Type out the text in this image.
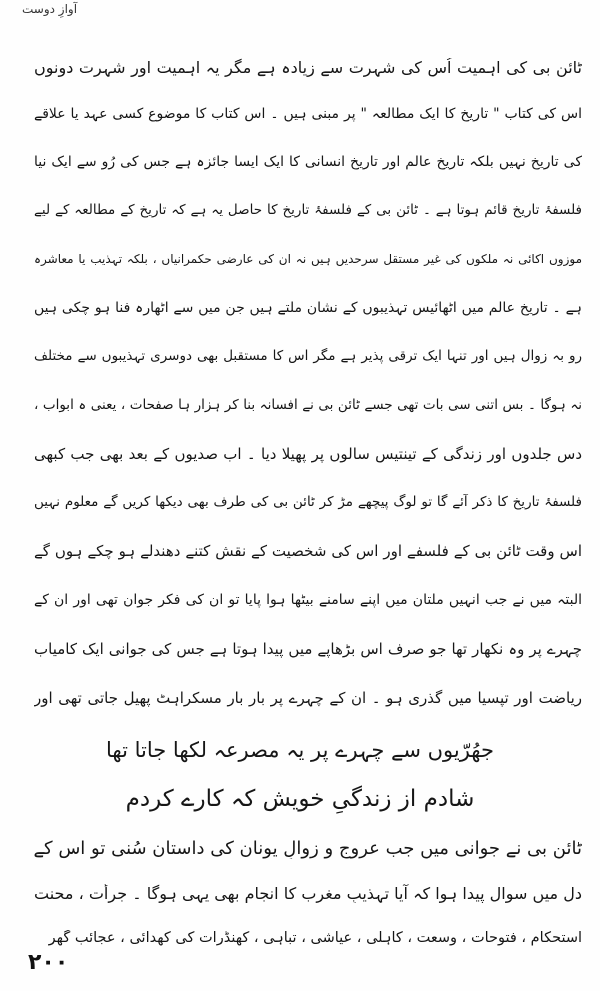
آوازِ دوست
ٹائن بی کی اہمیت اُس کی شہرت سے زیادہ ہے مگر یہ اہمیت اور شہرت دونوں
اس کی کتاب " تاریخ کا ایک مطالعہ " پر مبنی ہیں ۔ اس کتاب کا موضوع کسی عہد یا علاقے
کی تاریخ نہیں بلکہ تاریخِ عالم اور تاریخِ انسانی کا ایک ایسا جائزہ ہے جس کی رُو سے ایک نیا
فلسفۂ تاریخ قائم ہوتا ہے ۔ ٹائن بی کے فلسفۂ تاریخ کا حاصل یہ ہے کہ تاریخ کے مطالعہ کے لیے
موزوں اکائی نہ ملکوں کی غیر مستقل سرحدیں ہیں نہ ان کی عارضی حکمرانیاں ، بلکہ تہذیب یا معاشرہ
ہے ۔ تاریخِ عالم میں اٹھائیس تہذیبوں کے نشان ملتے ہیں جن میں سے اٹھارہ فنا ہو چکی ہیں
رو بہ زوال ہیں اور تنہا ایک ترقی پذیر ہے مگر اس کا مستقبل بھی دوسری تہذیبوں سے مختلف
نہ ہوگا ۔ بس اتنی سی بات تھی جسے ٹائن بی نے افسانہ بنا کر ہزار ہا صفحات ، یعنی ہ ابواب ،
دس جلدوں اور زندگی کے تینتیس سالوں پر پھیلا دیا ۔ اب صدیوں کے بعد بھی جب کبھی
فلسفۂ تاریخ کا ذکر آئے گا تو لوگ پیچھے مڑ کر ٹائن بی کی طرف بھی دیکھا کریں گے معلوم نہیں
اس وقت ٹائن بی کے فلسفے اور اس کی شخصیت کے نقش کتنے دھندلے ہو چکے ہوں گے
البتہ میں نے جب انہیں ملتان میں اپنے سامنے بیٹھا ہوا پایا تو ان کی فکر جوان تھی اور ان کے
چہرے پر وہ نکھار تھا جو صرف اس بڑھاپے میں پیدا ہوتا ہے جس کی جوانی ایک کامیاب
ریاضت اور تپسیا میں گذری ہو ۔ ان کے چہرے پر بار بار مسکراہٹ پھیل جاتی تھی اور
جھُرّیوں سے چہرے پر یہ مصرعہ لکھا جاتا تھا
شادم از زندگیِ خویش کہ کارے کردم
ٹائن بی نے جوانی میں جب عروج و زوالِ یونان کی داستان سُنی تو اس کے
دل میں سوال پیدا ہوا کہ آیا تہذیبِ مغرب کا انجام بھی یہی ہوگا ۔ جرأت ، محنت
استحکام ، فتوحات ، وسعت ، کاہلی ، عیاشی ، تباہی ، کھنڈرات کی کھدائی ، عجائب گھر
۲۰۰
